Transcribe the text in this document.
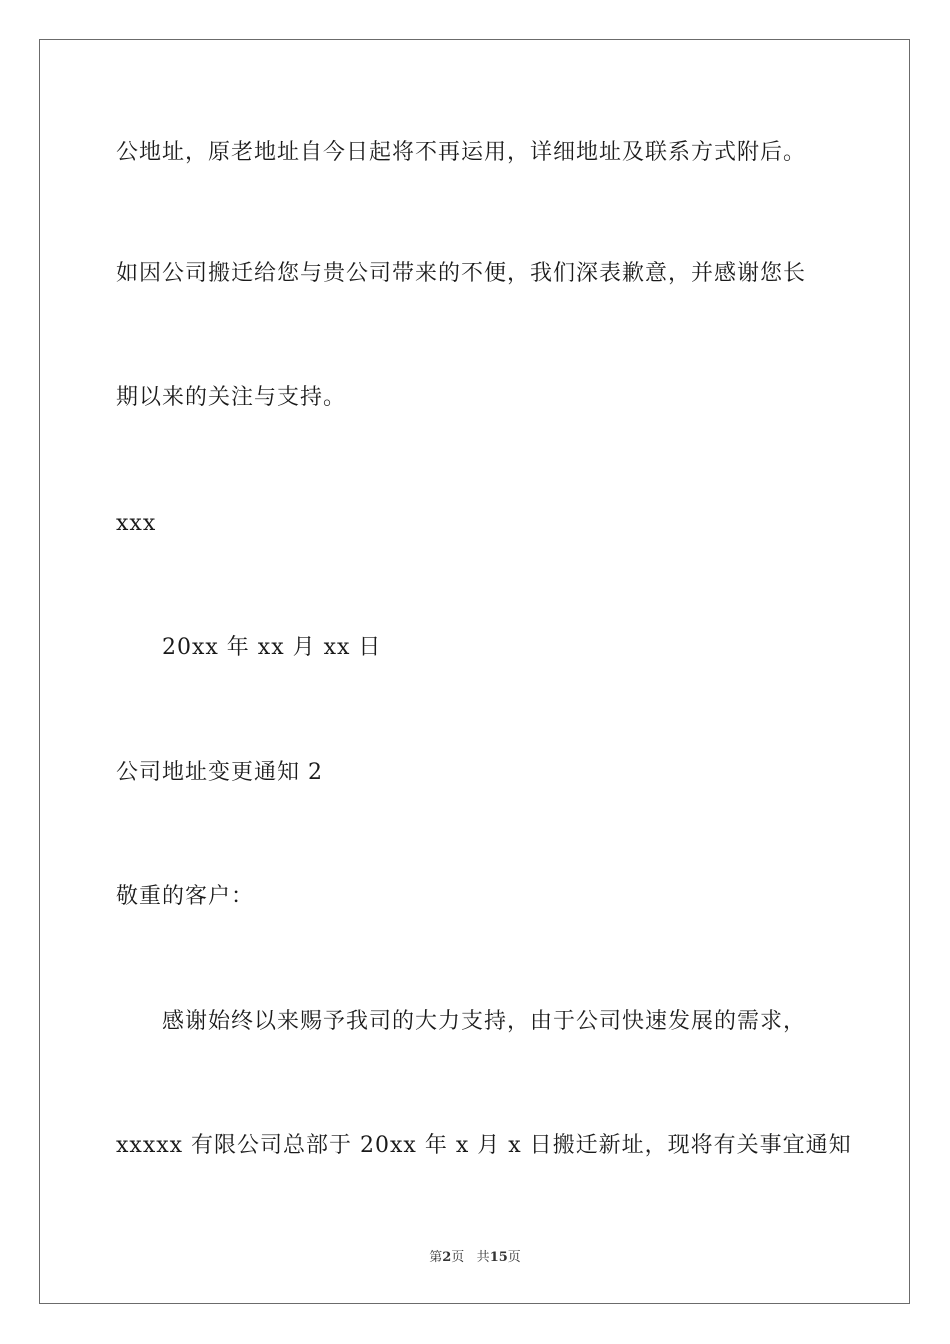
公地址，原老地址自今日起将不再运用，详细地址及联系方式附后。
如因公司搬迁给您与贵公司带来的不便，我们深表歉意，并感谢您长
期以来的关注与支持。
xxx
20xx 年 xx 月 xx 日
公司地址变更通知 2
敬重的客户：
感谢始终以来赐予我司的大力支持，由于公司快速发展的需求，
xxxxx 有限公司总部于 20xx 年 x 月 x 日搬迁新址，现将有关事宜通知
第2页 共15页
